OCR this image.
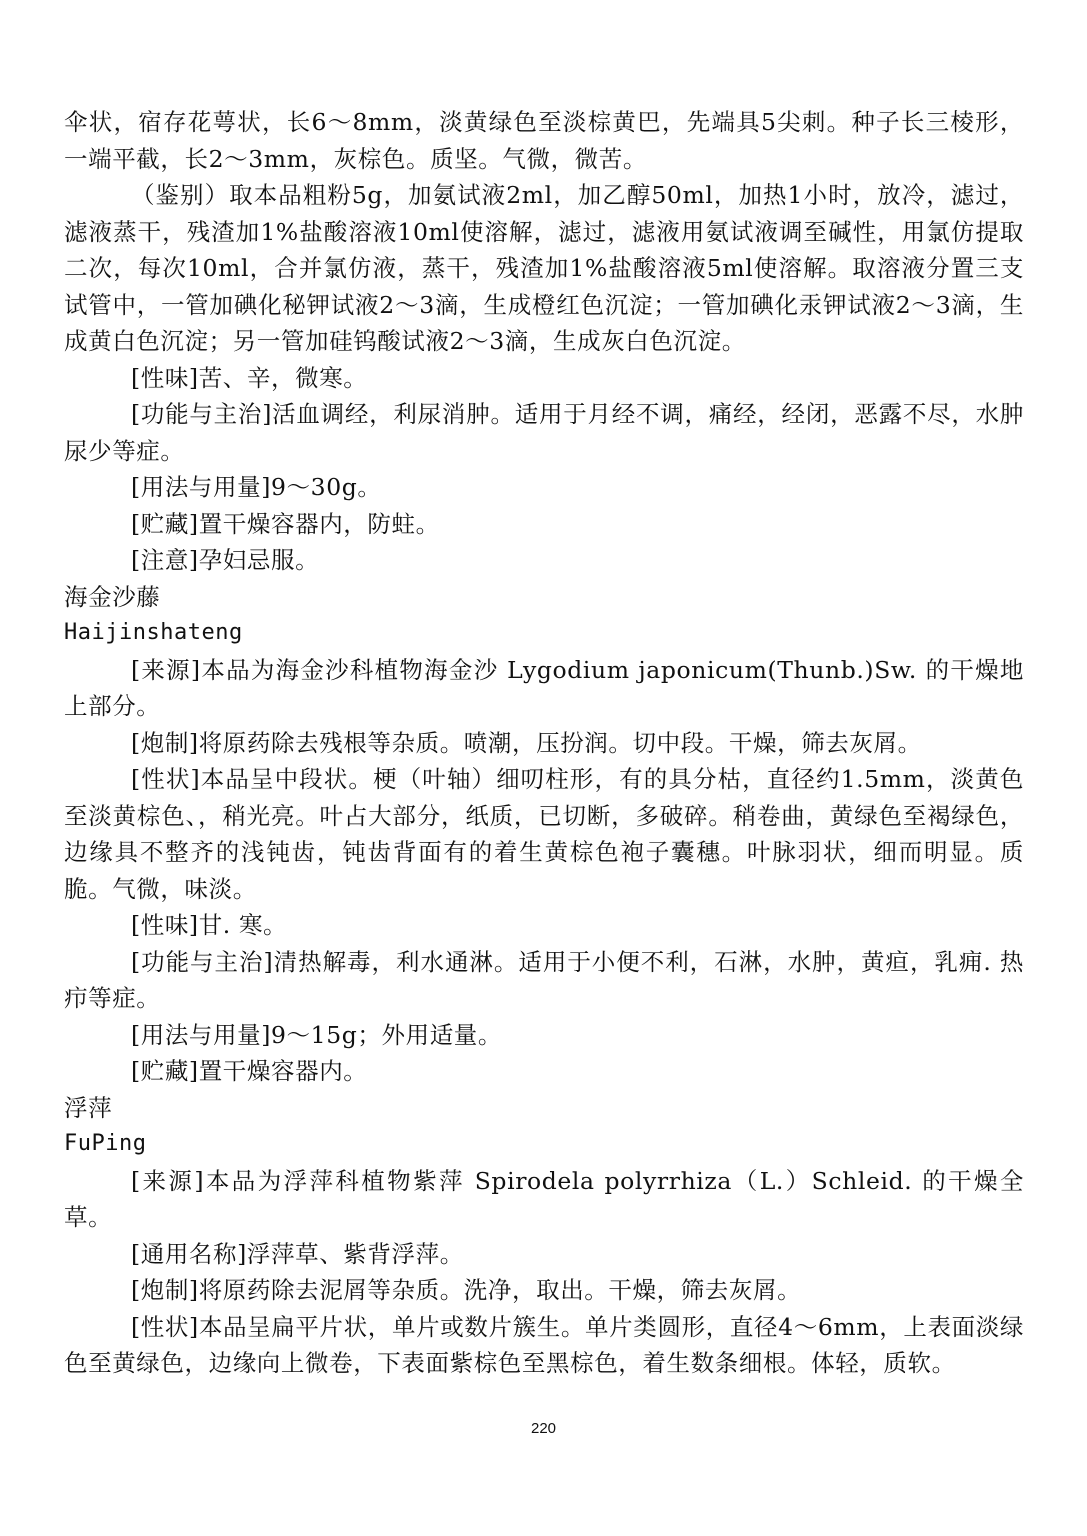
伞状，宿存花萼状，长6～8mm，淡黄绿色至淡棕黄巴，先端具5尖刺。种子长三棱形，一端平截，长2～3mm，灰棕色。质坚。气微，微苦。

（鉴别）取本品粗粉5g，加氨试液2ml，加乙醇50ml，加热1小时，放冷，滤过，滤液蒸干，残渣加1%盐酸溶液10ml使溶解，滤过，滤液用氨试液调至碱性，用氯仿提取二次，每次10ml，合并氯仿液，蒸干，残渣加1%盐酸溶液5ml使溶解。取溶液分置三支试管中，一管加碘化秘钾试液2～3滴，生成橙红色沉淀；一管加碘化汞钾试液2～3滴，生成黄白色沉淀；另一管加硅钨酸试液2～3滴，生成灰白色沉淀。

[性味]苦、辛，微寒。

[功能与主治]活血调经，利尿消肿。适用于月经不调，痛经，经闭，恶露不尽，水肿尿少等症。

[用法与用量]9～30g。

[贮藏]置干燥容器内，防蛀。

[注意]孕妇忌服。

海金沙藤

Haijinshateng

[来源]本品为海金沙科植物海金沙 Lygodium japonicum(Thunb.)Sw. 的干燥地上部分。

[炮制]将原药除去残根等杂质。喷潮，压扮润。切中段。干燥，筛去灰屑。

[性状]本品呈中段状。梗（叶轴）细叨柱形，有的具分枯，直径约1.5mm，淡黄色至淡黄棕色、，稍光亮。叶占大部分，纸质，已切断，多破碎。稍卷曲，黄绿色至褐绿色，边缘具不整齐的浅钝齿，钝齿背面有的着生黄棕色袍子囊穗。叶脉羽状，细而明显。质脆。气微，味淡。

[性味]甘. 寒。

[功能与主治]清热解毒，利水通淋。适用于小便不利，石淋，水肿，黄疸，乳痈. 热疖等症。

[用法与用量]9～15g；外用适量。

[贮藏]置干燥容器内。

浮萍

FuPing

[来源]本品为浮萍科植物紫萍 Spirodela polyrrhiza（L.）Schleid. 的干燥全草。

[通用名称]浮萍草、紫背浮萍。

[炮制]将原药除去泥屑等杂质。洗净，取出。干燥，筛去灰屑。

[性状]本品呈扁平片状，单片或数片簇生。单片类圆形，直径4～6mm，上表面淡绿色至黄绿色，边缘向上微卷，下表面紫棕色至黑棕色，着生数条细根。体轻，质软。

220
